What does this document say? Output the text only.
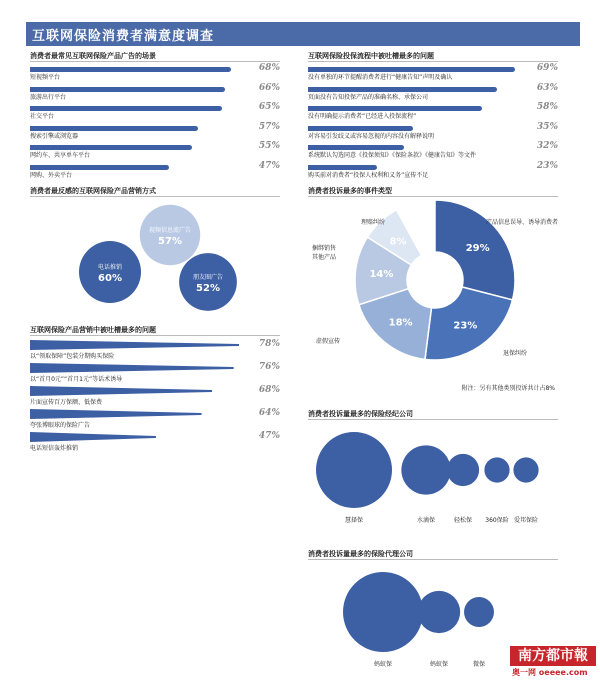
互联网保险消费者满意度调查
消费者最常见互联网保险产品广告的场景
短视频平台
68%
旅游出行平台
66%
社交平台
65%
搜索引擎或浏览器
57%
网约车、共享单车平台
55%
网购、外卖平台
47%
互联网保险投保流程中被吐槽最多的问题
没有单独的环节提醒消费者进行“健康告知”声明及确认
69%
页面没有告知投保产品的准确名称、承保公司
63%
没有明确提示消费者“已经进入投保流程”
58%
对容易引发歧义或容易忽视的内容没有解释说明
35%
系统默认勾选同意《投保须知》《保险条款》《健康告知》等文件
32%
购买前对消费者“投保人权利和义务”宣传不足
23%
消费者最反感的互联网保险产品营销方式
视频信息流广告
57%
电话推销
60%	朋友圈广告
52%
消费者投诉最多的事件类型
29%
产品信息误导、诱导消费者
23%
退保纠纷
18%
虚假宣传
14%
捆绑销售
其他产品
8%
理赔纠纷
附注：另有其他类别投诉共计占8%
互联网保险产品营销中被吐槽最多的问题
以“领取保障”包装分期购买保险
78%
以“首月0元”“首月1元”等话术诱导
76%
片面宣传百万保额、低保费
68%
夸张博眼球的保险广告
64%
电话短信轰炸推销
47%
消费者投诉量最多的保险经纪公司
慧择保	水滴保	轻松保 360保险 爱邦保险
消费者投诉量最多的保险代理公司
蚂蚁保	蚂蚁保	微保
南方都市報
奥一网 oeeee.com
